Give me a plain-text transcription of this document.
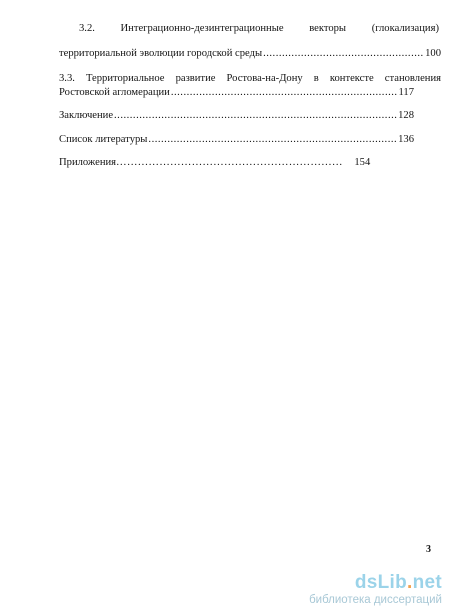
3.2. Интеграционно-дезинтеграционные векторы (глокализация)
территориальной эволюции городской среды .....	100
3.3. Территориальное развитие Ростова-на-Дону в контексте становления
Ростовской агломерации .....	117
Заключение .....	128
Список литературы .....	136
Приложения……………………………………………………… 154
3
dsLib.net
библиотека диссертаций
